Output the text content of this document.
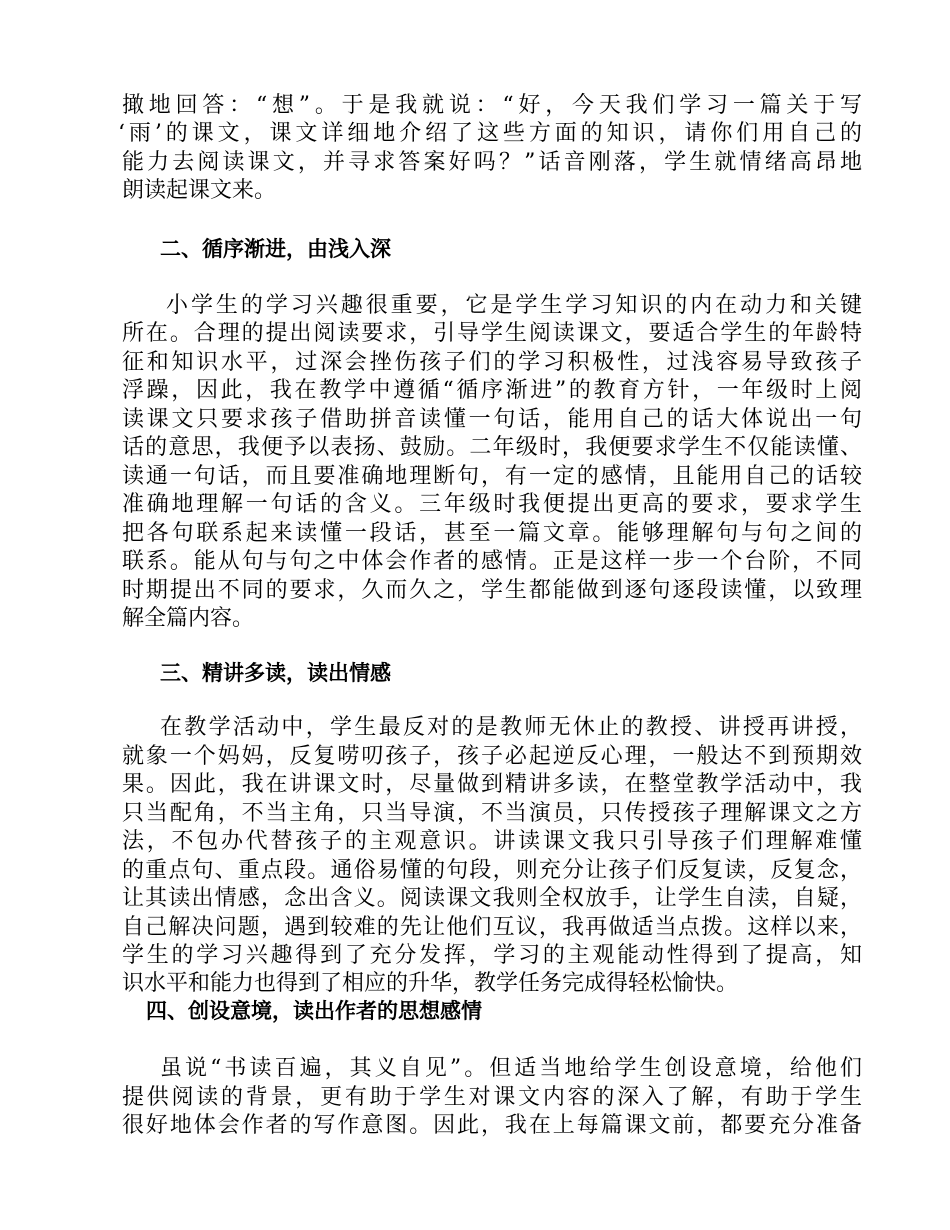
撖地回答：“想”。于是我就说：“好，今天我们学习一篇关于写
‘雨’的课文，课文详细地介绍了这些方面的知识，请你们用自己的
能力去阅读课文，并寻求答案好吗？”话音刚落，学生就情绪高昂地
朗读起课文来。
二、循序渐进，由浅入深
小学生的学习兴趣很重要，它是学生学习知识的内在动力和关键
所在。合理的提出阅读要求，引导学生阅读课文，要适合学生的年龄特
征和知识水平，过深会挫伤孩子们的学习积极性，过浅容易导致孩子
浮躁，因此，我在教学中遵循“循序渐进”的教育方针，一年级时上阅
读课文只要求孩子借助拼音读懂一句话，能用自己的话大体说出一句
话的意思，我便予以表扬、鼓励。二年级时，我便要求学生不仅能读懂、
读通一句话，而且要准确地理断句，有一定的感情，且能用自己的话较
准确地理解一句话的含义。三年级时我便提出更高的要求，要求学生
把各句联系起来读懂一段话，甚至一篇文章。能够理解句与句之间的
联系。能从句与句之中体会作者的感情。正是这样一步一个台阶，不同
时期提出不同的要求，久而久之，学生都能做到逐句逐段读懂，以致理
解全篇内容。
三、精讲多读，读出情感
在教学活动中，学生最反对的是教师无休止的教授、讲授再讲授，
就象一个妈妈，反复唠叨孩子，孩子必起逆反心理，一般达不到预期效
果。因此，我在讲课文时，尽量做到精讲多读，在整堂教学活动中，我
只当配角，不当主角，只当导演，不当演员，只传授孩子理解课文之方
法，不包办代替孩子的主观意识。讲读课文我只引导孩子们理解难懂
的重点句、重点段。通俗易懂的句段，则充分让孩子们反复读，反复念，
让其读出情感，念出含义。阅读课文我则全权放手，让学生自渎，自疑，
自己解决问题，遇到较难的先让他们互议，我再做适当点拨。这样以来，
学生的学习兴趣得到了充分发挥，学习的主观能动性得到了提高，知
识水平和能力也得到了相应的升华，教学任务完成得轻松愉快。
四、创设意境，读出作者的思想感情
虽说“书读百遍，其义自见”。但适当地给学生创设意境，给他们
提供阅读的背景，更有助于学生对课文内容的深入了解，有助于学生
很好地体会作者的写作意图。因此，我在上每篇课文前，都要充分准备
